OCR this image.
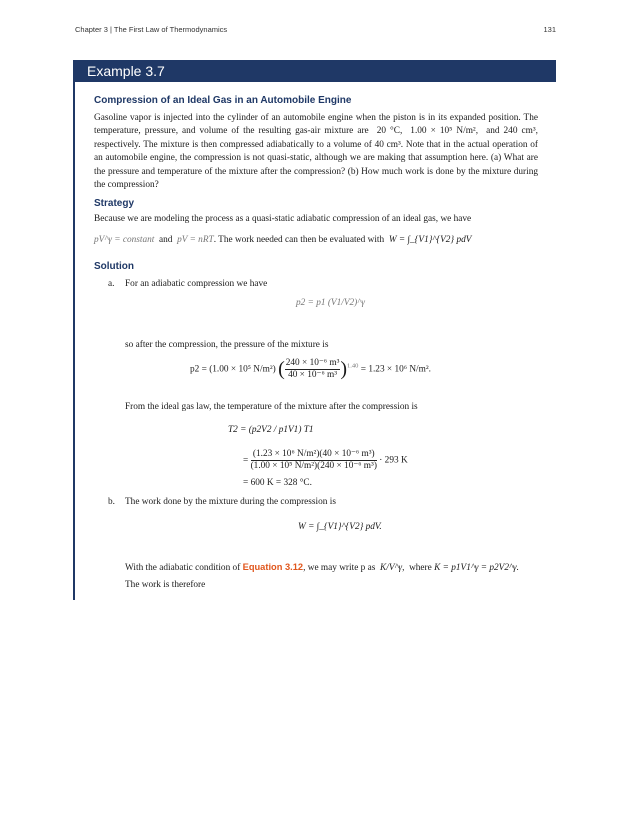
Chapter 3 | The First Law of Thermodynamics	131
Example 3.7
Compression of an Ideal Gas in an Automobile Engine
Gasoline vapor is injected into the cylinder of an automobile engine when the piston is in its expanded position. The temperature, pressure, and volume of the resulting gas-air mixture are 20 °C,  1.00 × 10⁵ N/m²,  and 240 cm³, respectively. The mixture is then compressed adiabatically to a volume of 40 cm³. Note that in the actual operation of an automobile engine, the compression is not quasi-static, although we are making that assumption here. (a) What are the pressure and temperature of the mixture after the compression? (b) How much work is done by the mixture during the compression?
Strategy
Because we are modeling the process as a quasi-static adiabatic compression of an ideal gas, we have
pV^γ = constant and pV = nRT. The work needed can then be evaluated with W = ∫_{V1}^{V2} pdV
Solution
a. For an adiabatic compression we have
p2 = p1 (V1/V2)^γ
so after the compression, the pressure of the mixture is
p2 = (1.00 × 10⁵ N/m²) ( $\frac{\text{240 × 10⁻⁶ m³}}{\text{40 × 10⁻⁶ m³}} )^{1.40} = 1.23 \times 10^6$ N/m².
From the ideal gas law, the temperature of the mixture after the compression is
T2 = (p2V2 / p1V1) T1
= $\frac{\text{(1.23 × 10⁶ N/m²)(40 × 10⁻⁶ m³)}}{\text{(1.00 × 10⁵ N/m²)(240 × 10⁻⁶ m³)}} \cdot 293$ K
= 600 K = 328 °C.
b. The work done by the mixture during the compression is
W = ∫_{V1}^{V2} pdV.
With the adiabatic condition of Equation 3.12, we may write p as K/V^γ, where K = p1V1^γ = p2V2^γ.
The work is therefore
